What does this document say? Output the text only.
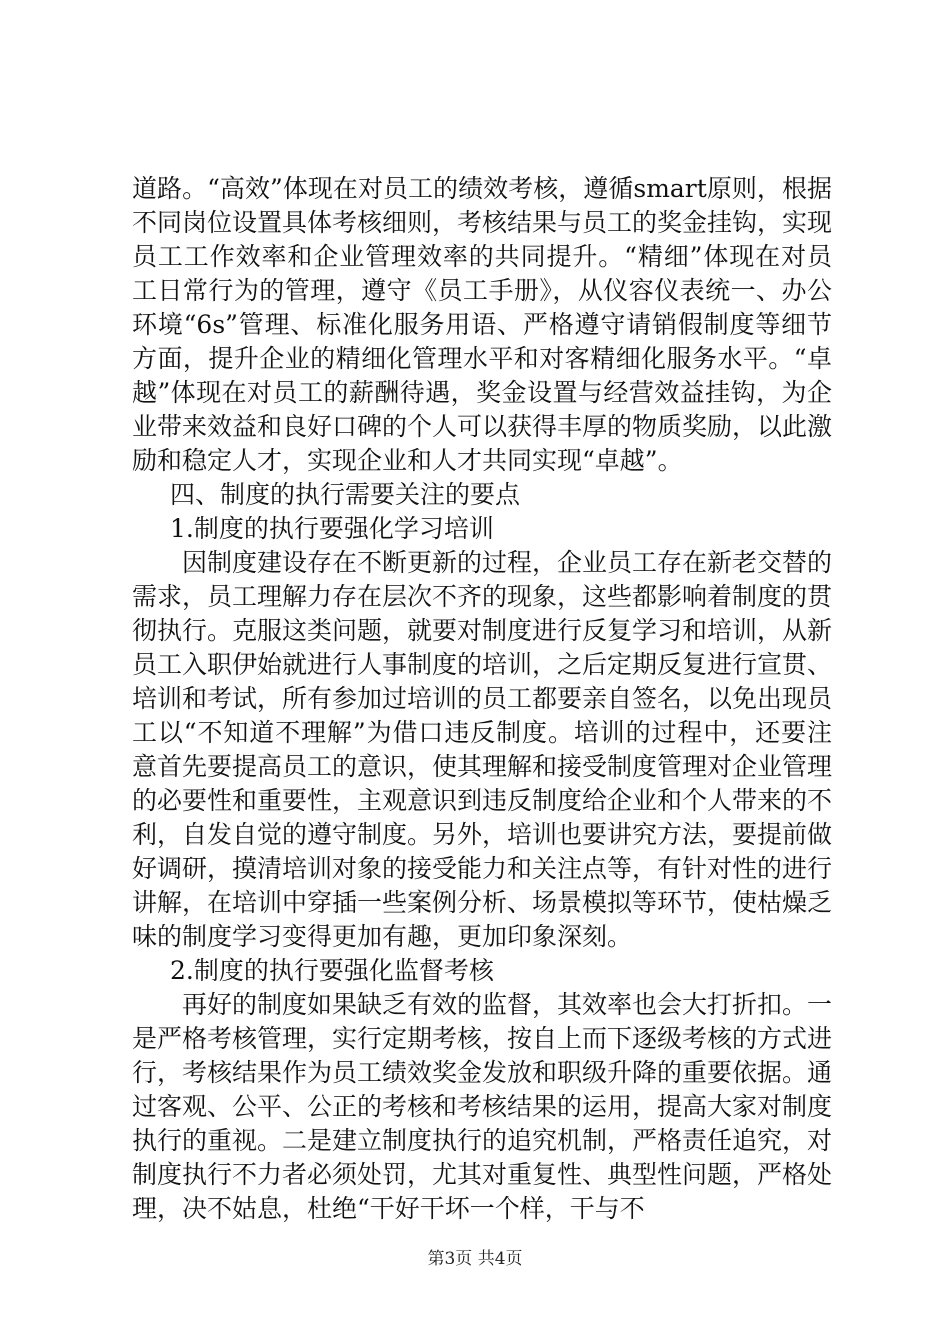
道路。“高效”体现在对员工的绩效考核，遵循smart原则，根据不同岗位设置具体考核细则，考核结果与员工的奖金挂钩，实现员工工作效率和企业管理效率的共同提升。“精细”体现在对员工日常行为的管理，遵守《员工手册》，从仪容仪表统一、办公环境“6s”管理、标准化服务用语、严格遵守请销假制度等细节方面，提升企业的精细化管理水平和对客精细化服务水平。“卓越”体现在对员工的薪酬待遇，奖金设置与经营效益挂钩，为企业带来效益和良好口碑的个人可以获得丰厚的物质奖励，以此激励和稳定人才，实现企业和人才共同实现“卓越”。

四、制度的执行需要关注的要点

1.制度的执行要强化学习培训

因制度建设存在不断更新的过程，企业员工存在新老交替的需求，员工理解力存在层次不齐的现象，这些都影响着制度的贯彻执行。克服这类问题，就要对制度进行反复学习和培训，从新员工入职伊始就进行人事制度的培训，之后定期反复进行宣贯、培训和考试，所有参加过培训的员工都要亲自签名，以免出现员工以“不知道不理解”为借口违反制度。培训的过程中，还要注意首先要提高员工的意识，使其理解和接受制度管理对企业管理的必要性和重要性，主观意识到违反制度给企业和个人带来的不利，自发自觉的遵守制度。另外，培训也要讲究方法，要提前做好调研，摸清培训对象的接受能力和关注点等，有针对性的进行讲解，在培训中穿插一些案例分析、场景模拟等环节，使枯燥乏味的制度学习变得更加有趣，更加印象深刻。

2.制度的执行要强化监督考核

再好的制度如果缺乏有效的监督，其效率也会大打折扣。一是严格考核管理，实行定期考核，按自上而下逐级考核的方式进行，考核结果作为员工绩效奖金发放和职级升降的重要依据。通过客观、公平、公正的考核和考核结果的运用，提高大家对制度执行的重视。二是建立制度执行的追究机制，严格责任追究，对制度执行不力者必须处罚，尤其对重复性、典型性问题，严格处理，决不姑息，杜绝“干好干坏一个样，干与不

第3页 共4页
